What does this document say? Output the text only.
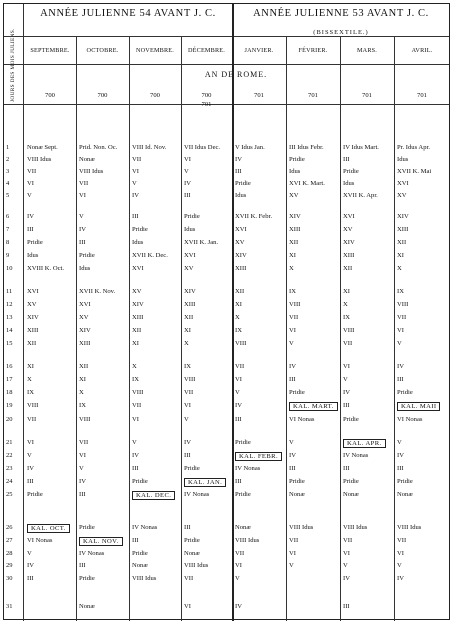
JOURS DES MOIS JULIENS.
ANNÉE JULIENNE 54 AVANT J. C.	ANNÉE JULIENNE 53 AVANT J. C.
(BISSEXTILE.)
AN DE ROME.
SEPTEMBRE.
700
OCTOBRE.
700
NOVEMBRE.
700
DÉCEMBRE.
700
701
JANVIER.
701
FÉVRIER.
701
MARS.
701
AVRIL.
701
1
2
3
4
5
6
7
8
9
10
11
12
13
14
15
16
17
18
19
20
21
22
23
24
25
26
27
28
29
30
31
Nonæ Sept.
VIII Idus
VII
VI
V
IV
III
Pridie
Idus
XVIII K. Oct.
XVI
XV
XIV
XIII
XII
XI
X
IX
VIII
VII
VI
V
IV
III
Pridie
KAL. OCT.
VI Nonas
V
IV
III
Prid. Non. Oc.
Nonæ
VIII Idus
VII
VI
V
IV
III
Pridie
Idus
XVII K. Nov.
XVI
XV
XIV
XIII
XII
XI
X
IX
VIII
VII
VI
V
IV
III
Pridie
KAL. NOV.
IV Nonas
III
Pridie
Nonæ
VIII Id. Nov.
VII
VI
V
IV
III
Pridie
Idus
XVII K. Dec.
XVI
XV
XIV
XIII
XII
XI
X
IX
VIII
VII
VI
V
IV
III
Pridie
KAL. DEC.
IV Nonas
III
Pridie
Nonæ
VIII Idus
VII Idus Dec.
VI
V
IV
III
Pridie
Idus
XVII K. Jan.
XVI
XV
XIV
XIII
XII
XI
X
IX
VIII
VII
VI
V
IV
III
Pridie
KAL. JAN.
IV Nonas
III
Pridie
Nonæ
VIII Idus
VII
VI
V Idus Jan.
IV
III
Pridie
Idus
XVII K. Febr.
XVI
XV
XIV
XIII
XII
XI
X
IX
VIII
VII
VI
V
IV
III
Pridie
KAL. FEBR.
IV Nonas
III
Pridie
Nonæ
VIII Idus
VII
VI
V
IV
III Idus Febr.
Pridie
Idus
XVI K. Mart.
XV
XIV
XIII
XII
XI
X
IX
VIII
VII
VI
V
IV
III
Pridie
KAL. MART.
VI Nonas
V
IV
III
Pridie
Nonæ
VIII Idus
VII
VI
V
IV Idus Mart.
III
Pridie
Idus
XVII K. Apr.
XVI
XV
XIV
XIII
XII
XI
X
IX
VIII
VII
VI
V
IV
III
Pridie
KAL. APR.
IV Nonas
III
Pridie
Nonæ
VIII Idus
VII
VI
V
IV
III
Pr. Idus Apr.
Idus
XVII K. Mai
XVI
XV
XIV
XIII
XII
XI
X
IX
VIII
VII
VI
V
IV
III
Pridie
KAL. MAII
VI Nonas
V
IV
III
Pridie
Nonæ
VIII Idus
VII
VI
V
IV
